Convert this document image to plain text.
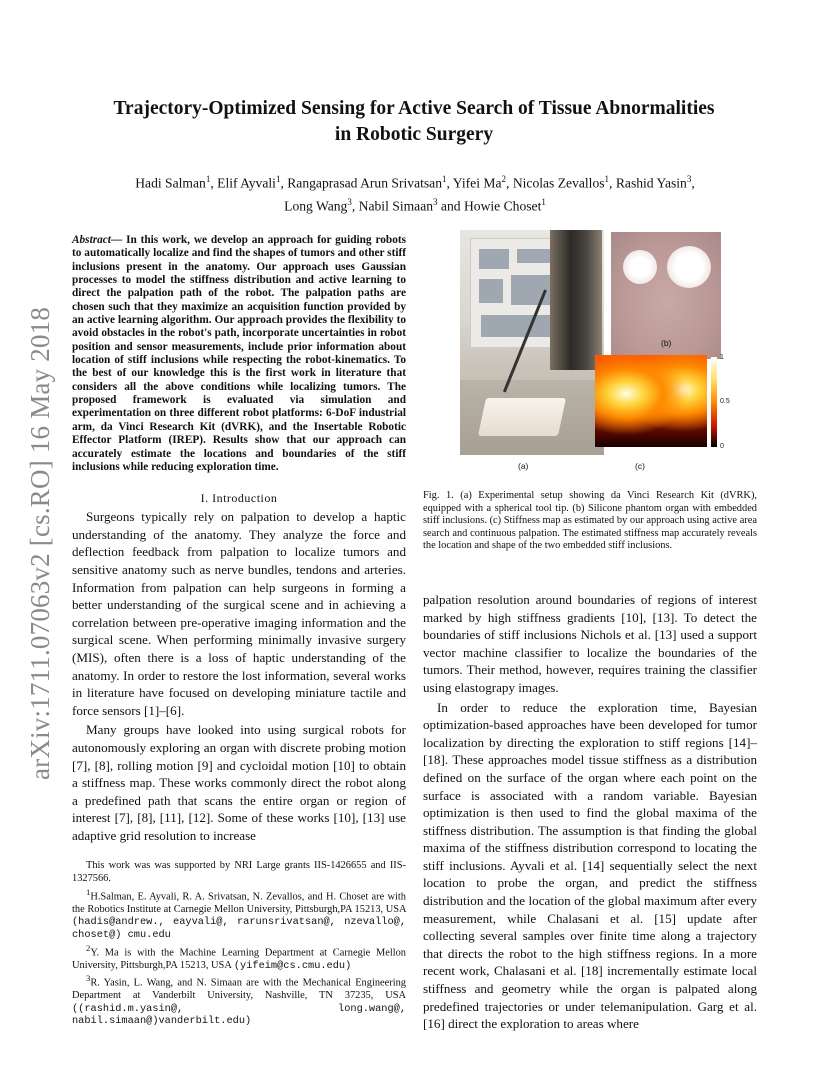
arXiv:1711.07063v2 [cs.RO] 16 May 2018
Trajectory-Optimized Sensing for Active Search of Tissue Abnormalities in Robotic Surgery
Hadi Salman$^1$, Elif Ayvali$^1$, Rangaprasad Arun Srivatsan$^1$, Yifei Ma$^2$, Nicolas Zevallos$^1$, Rashid Yasin$^3$,
Long Wang$^3$, Nabil Simaan$^3$ and Howie Choset$^1$
Abstract— In this work, we develop an approach for guiding robots to automatically localize and find the shapes of tumors and other stiff inclusions present in the anatomy. Our approach uses Gaussian processes to model the stiffness distribution and active learning to direct the palpation path of the robot. The palpation paths are chosen such that they maximize an acquisition function provided by an active learning algorithm. Our approach provides the flexibility to avoid obstacles in the robot's path, incorporate uncertainties in robot position and sensor measurements, include prior information about location of stiff inclusions while respecting the robot-kinematics. To the best of our knowledge this is the first work in literature that considers all the above conditions while localizing tumors. The proposed framework is evaluated via simulation and experimentation on three different robot platforms: 6-DoF industrial arm, da Vinci Research Kit (dVRK), and the Insertable Robotic Effector Platform (IREP). Results show that our approach can accurately estimate the locations and boundaries of the stiff inclusions while reducing exploration time.
I. Introduction

Surgeons typically rely on palpation to develop a haptic understanding of the anatomy. They analyze the force and deflection feedback from palpation to localize tumors and sensitive anatomy such as nerve bundles, tendons and arteries. Information from palpation can help surgeons in forming a better understanding of the surgical scene and in achieving a correlation between pre-operative imaging information and the surgical scene. When performing minimally invasive surgery (MIS), often there is a loss of haptic understanding of the anatomy. In order to restore the lost information, several works in literature have focused on developing miniature tactile and force sensors [1]–[6].

Many groups have looked into using surgical robots for autonomously exploring an organ with discrete probing motion [7], [8], rolling motion [9] and cycloidal motion [10] to obtain a stiffness map. These works commonly direct the robot along a predefined path that scans the entire organ or region of interest [7], [8], [11], [12]. Some of these works [10], [13] use adaptive grid resolution to increase

This work was was supported by NRI Large grants IIS-1426655 and IIS-1327566.

$^1$H.Salman, E. Ayvali, R. A. Srivatsan, N. Zevallos, and H. Choset are with the Robotics Institute at Carnegie Mellon University, Pittsburgh,PA 15213, USA (hadis@andrew., eayvali@, rarunsrivatsan@, nzevallo@, choset@) cmu.edu

$^2$Y. Ma is with the Machine Learning Department at Carnegie Mellon University, Pittsburgh,PA 15213, USA (yifeim@cs.cmu.edu)

$^3$R. Yasin, L. Wang, and N. Simaan are with the Mechanical Engineering Department at Vanderbilt University, Nashville, TN 37235, USA ((rashid.m.yasin@, long.wang@, nabil.simaan@)vanderbilt.edu)

(b)
1
0.5
0
(a)	(c)
Fig. 1. (a) Experimental setup showing da Vinci Research Kit (dVRK), equipped with a spherical tool tip. (b) Silicone phantom organ with embedded stiff inclusions. (c) Stiffness map as estimated by our approach using active area search and continuous palpation. The estimated stiffness map accurately reveals the location and shape of the two embedded stiff inclusions.

palpation resolution around boundaries of regions of interest marked by high stiffness gradients [10], [13]. To detect the boundaries of stiff inclusions Nichols et al. [13] used a support vector machine classifier to localize the boundaries of the tumors. Their method, however, requires training the classifier using elastograpy images.

In order to reduce the exploration time, Bayesian optimization-based approaches have been developed for tumor localization by directing the exploration to stiff regions [14]–[18]. These approaches model tissue stiffness as a distribution defined on the surface of the organ where each point on the surface is associated with a random variable. Bayesian optimization is then used to find the global maxima of the stiffness distribution. The assumption is that finding the global maxima of the stiffness distribution correspond to locating the stiff inclusions. Ayvali et al. [14] sequentially select the next location to probe the organ, and predict the stiffness distribution and the location of the global maximum after every measurement, while Chalasani et al. [15] update after collecting several samples over finite time along a trajectory that directs the robot to the high stiffness regions. In a more recent work, Chalasani et al. [18] incrementally estimate local stiffness and geometry while the organ is palpated along predefined trajectories or under telemanipulation. Garg et al. [16] direct the exploration to areas where
